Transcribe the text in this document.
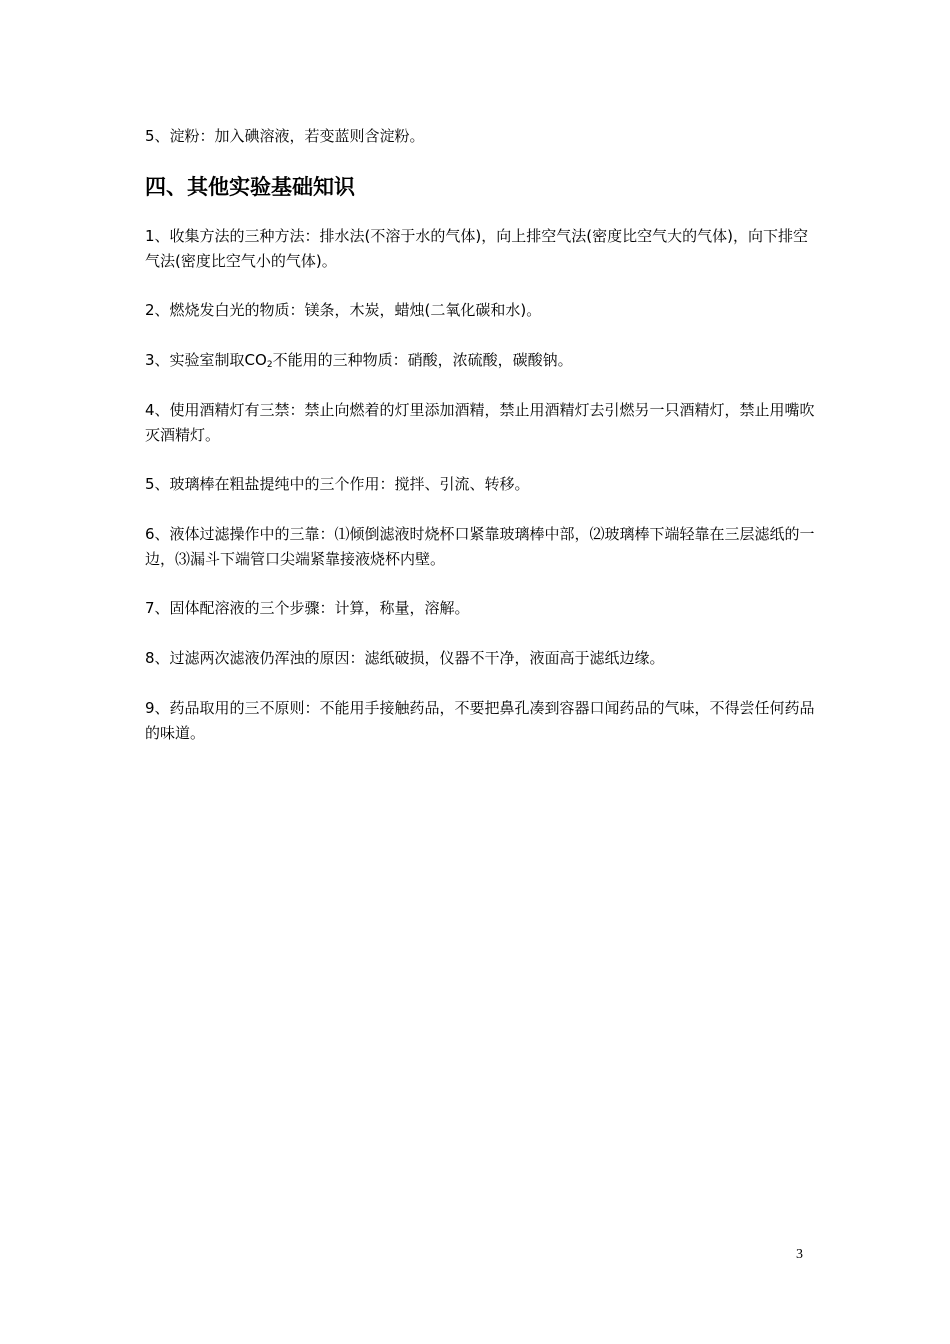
5、淀粉：加入碘溶液，若变蓝则含淀粉。
四、其他实验基础知识
1、收集方法的三种方法：排水法(不溶于水的气体)，向上排空气法(密度比空气大的气体)，向下排空气法(密度比空气小的气体)。
2、燃烧发白光的物质：镁条，木炭，蜡烛(二氧化碳和水)。
3、实验室制取$CO_2$不能用的三种物质：硝酸，浓硫酸，碳酸钠。
4、使用酒精灯有三禁：禁止向燃着的灯里添加酒精，禁止用酒精灯去引燃另一只酒精灯，禁止用嘴吹灭酒精灯。
5、玻璃棒在粗盐提纯中的三个作用：搅拌、引流、转移。
6、液体过滤操作中的三靠：⑴倾倒滤液时烧杯口紧靠玻璃棒中部，⑵玻璃棒下端轻靠在三层滤纸的一边，⑶漏斗下端管口尖端紧靠接液烧杯内壁。
7、固体配溶液的三个步骤：计算，称量，溶解。
8、过滤两次滤液仍浑浊的原因：滤纸破损，仪器不干净，液面高于滤纸边缘。
9、药品取用的三不原则：不能用手接触药品，不要把鼻孔凑到容器口闻药品的气味，不得尝任何药品的味道。
3
